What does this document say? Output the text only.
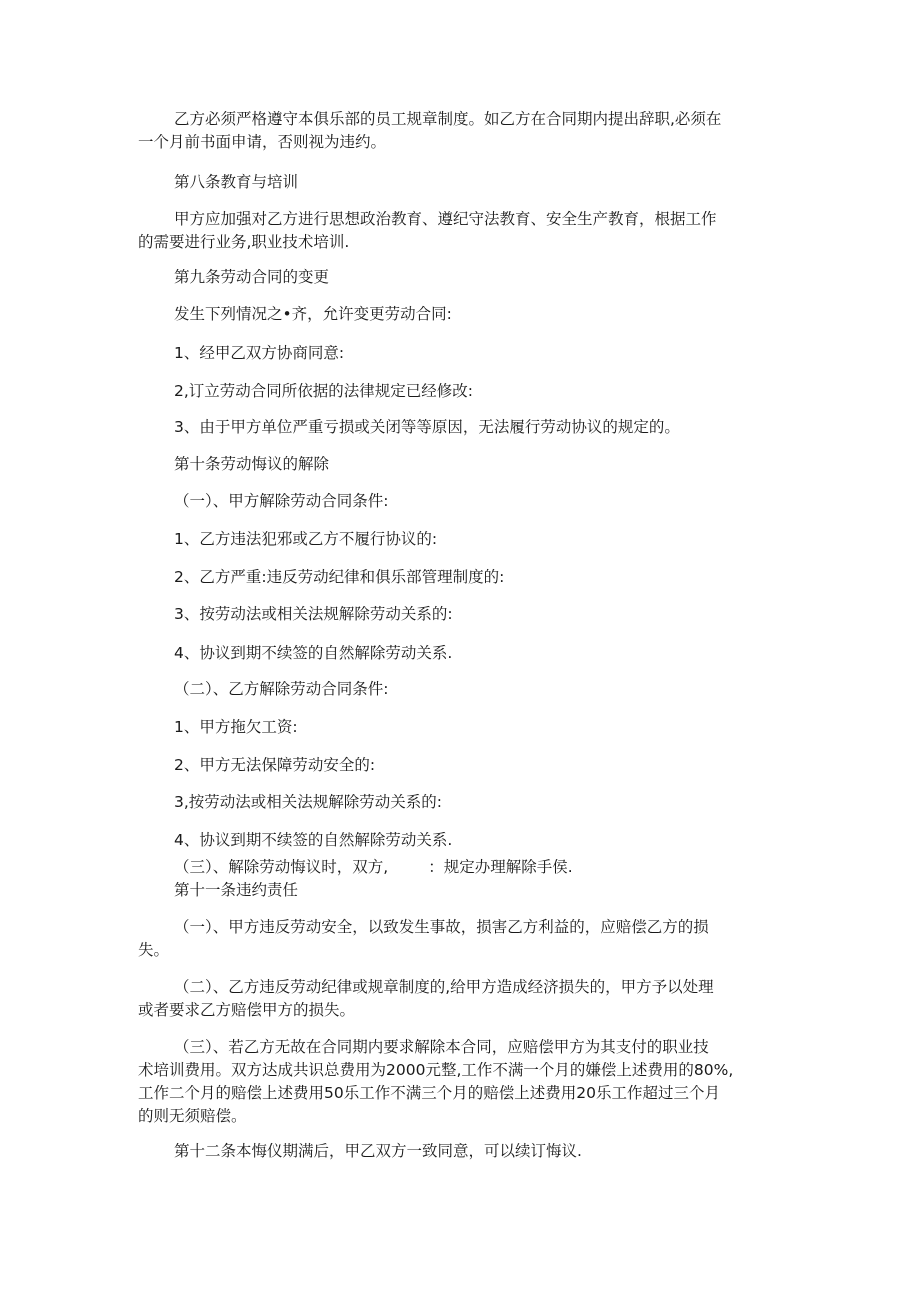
乙方必须严格遵守本俱乐部的员工规章制度。如乙方在合同期内提出辞职,必须在

一个月前书面申请，否则视为违约。

第八条教育与培训

甲方应加强对乙方进行思想政治教育、遵纪守法教育、安全生产教育，根据工作

的需要进行业务,职业技术培训.

第九条劳动合同的变更

发生下列情况之•齐，允许变更劳动合同:

1、经甲乙双方协商同意:

2,订立劳动合同所依据的法律规定已经修改:

3、由于甲方单位严重亏损或关闭等等原因，无法履行劳动协议的规定的。

第十条劳动悔议的解除

（一）、甲方解除劳动合同条件:

1、乙方违法犯邪或乙方不履行协议的:

2、乙方严重:违反劳动纪律和俱乐部管理制度的:

3、按劳动法或相关法规解除劳动关系的:

4、协议到期不续签的自然解除劳动关系.

（二）、乙方解除劳动合同条件:

1、甲方拖欠工资:

2、甲方无法保障劳动安全的:

3,按劳动法或相关法规解除劳动关系的:

4、协议到期不续签的自然解除劳动关系.

（三）、解除劳动悔议时，双方,	：规定办理解除手侯.

第十一条违约责任

（一）、甲方违反劳动安全，以致发生事故，损害乙方利益的，应赔偿乙方的损

失。

（二）、乙方违反劳动纪律或规章制度的,给甲方造成经济损失的，甲方予以处理

或者要求乙方赔偿甲方的损失。

（三）、若乙方无故在合同期内要求解除本合同，应赔偿甲方为其支付的职业技

术培训费用。双方达成共识总费用为2000元整,工作不满一个月的嫌偿上述费用的80%,

工作二个月的赔偿上述费用50乐工作不满三个月的赔偿上述费用20乐工作超过三个月

的则无须赔偿。

第十二条本悔仪期满后，甲乙双方一致同意，可以续订悔议.
